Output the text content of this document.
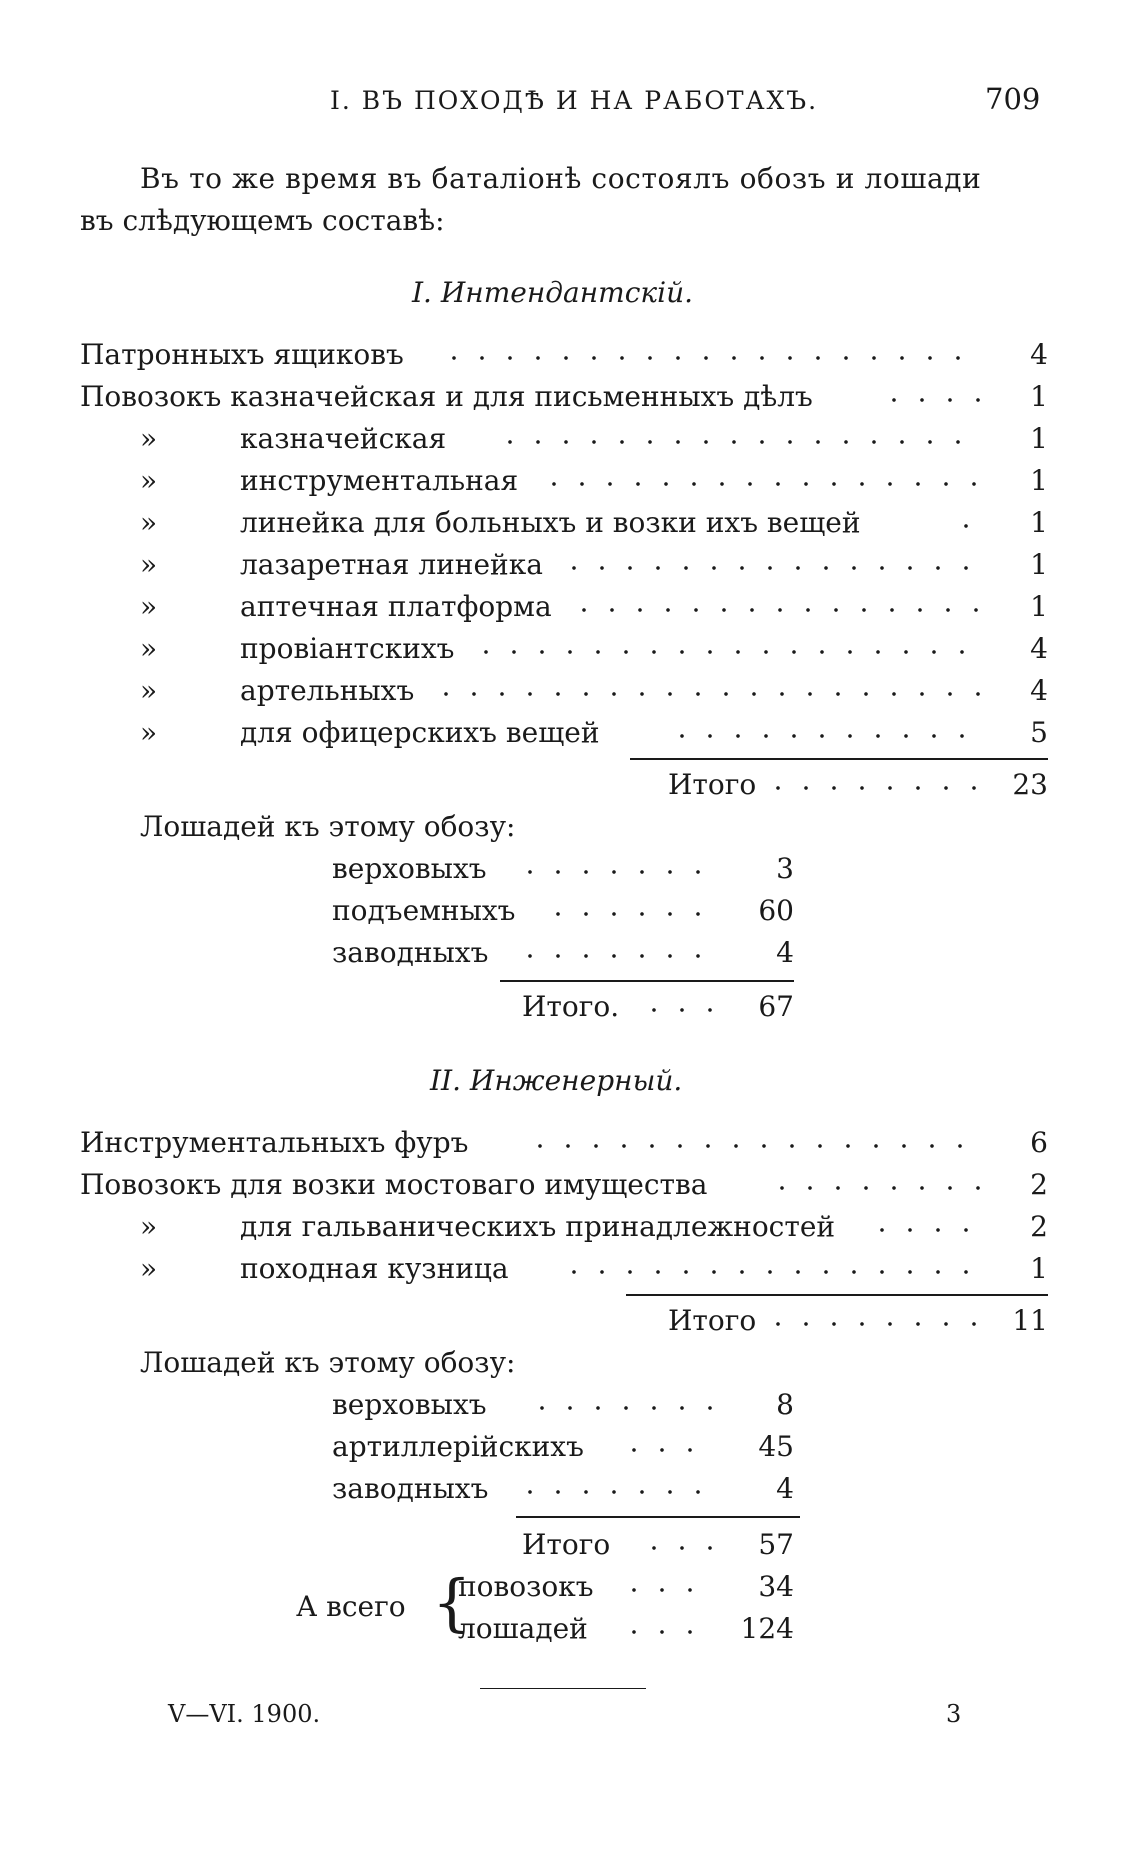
I. ВЪ ПОХОДѢ И НА РАБОТАХЪ.	709
Въ то же время въ баталіонѣ состоялъ обозъ и лошади
въ слѣдующемъ составѣ:
I. Интендантскій.
Патронныхъ ящиковъ	4
Повозокъ казначейская и для письменныхъ дѣлъ	1
»	казначейская	1
»	инструментальная	1
»	линейка для больныхъ и возки ихъ вещей	1
»	лазаретная линейка	1
»	аптечная платформа	1
»	провіантскихъ	4
»	артельныхъ	4
»	для офицерскихъ вещей	5
Итого	23
Лошадей къ этому обозу:
верховыхъ	3
подъемныхъ	60
заводныхъ	4
Итого.	67
II. Инженерный.
Инструментальныхъ фуръ	6
Повозокъ для возки мостоваго имущества	2
»	для гальваническихъ принадлежностей	2
»	походная кузница	1
Итого	11
Лошадей къ этому обозу:
верховыхъ	8
артиллерійскихъ	45
заводныхъ	4
Итого	57
А всего {
повозокъ	34
лошадей	124
V—VI. 1900.	3
